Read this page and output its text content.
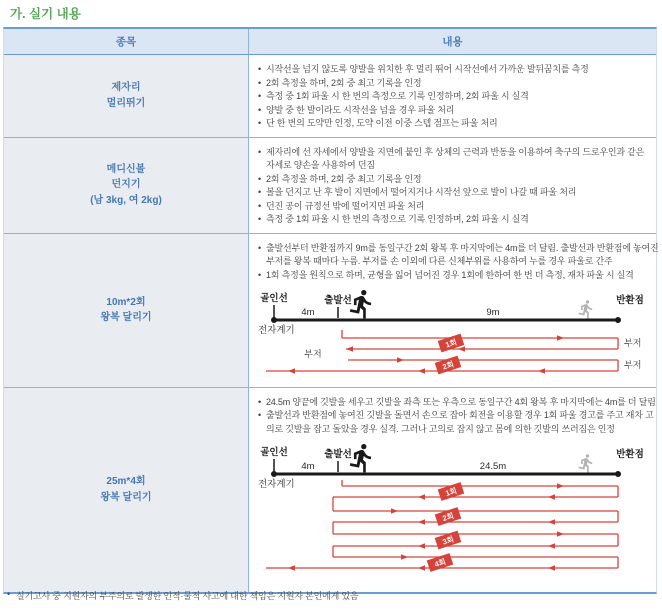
가. 실기 내용
종목	내용
제자리
멀리뛰기
• 시작선을 넘지 않도록 양발을 위치한 후 멀리 뛰어 시작선에서 가까운 발뒤꿈치를 측정
• 2회 측정을 하며, 2회 중 최고 기록을 인정
• 측정 중 1회 파울 시 한 번의 측정으로 기록 인정하며, 2회 파울 시 실격
• 양발 중 한 발이라도 시작선을 넘을 경우 파울 처리
• 단 한 번의 도약만 인정, 도약 이전 이중 스텝 점프는 파울 처리
메디신볼
던지기
(남 3kg, 여 2kg)
• 제자리에 선 자세에서 양발을 지면에 붙인 후 상체의 근력과 반동을 이용하여 축구의 드로우인과 같은 자세로 양손을 사용하여 던짐
• 2회 측정을 하며, 2회 중 최고 기록을 인정
• 볼을 던지고 난 후 발이 지면에서 떨어지거나 시작선 앞으로 발이 나갈 때 파울 처리
• 던진 공이 규정선 밖에 떨어지면 파울 처리
• 측정 중 1회 파울 시 한 번의 측정으로 기록 인정하며, 2회 파울 시 실격
10m*2회
왕복 달리기
• 출발선부터 반환점까지 9m를 동일구간 2회 왕복 후 마지막에는 4m를 더 달림. 출발선과 반환점에 놓여진 부저를 왕복 때마다 누름. 부저를 손 이외에 다른 신체부위를 사용하여 누를 경우 파울로 간주
• 1회 측정을 원칙으로 하며, 균형을 잃어 넘어진 경우 1회에 한하여 한 번 더 측정, 재차 파울 시 실격
골인선
4m
출발선
9m
반환점
전자계기
부저
부저
부저
1회
2회
25m*4회
왕복 달리기
• 24.5m 양끝에 깃발을 세우고 깃발을 좌측 또는 우측으로 동일구간 4회 왕복 후 마지막에는 4m를 더 달림
• 출발선과 반환점에 놓여진 깃발을 돌면서 손으로 잡아 회전을 이용할 경우 1회 파울 경고를 주고 재차 고의로 깃발을 잡고 돌았을 경우 실격. 그러나 고의로 잡지 않고 몸에 의한 깃발의 쓰러짐은 인정
골인선
4m
출발선
24.5m
반환점
전자계기
1회
2회
3회
4회
• 실기고사 중 지원자의 부주의로 발생한 인적·물적 사고에 대한 책임은 지원자 본인에게 있음
